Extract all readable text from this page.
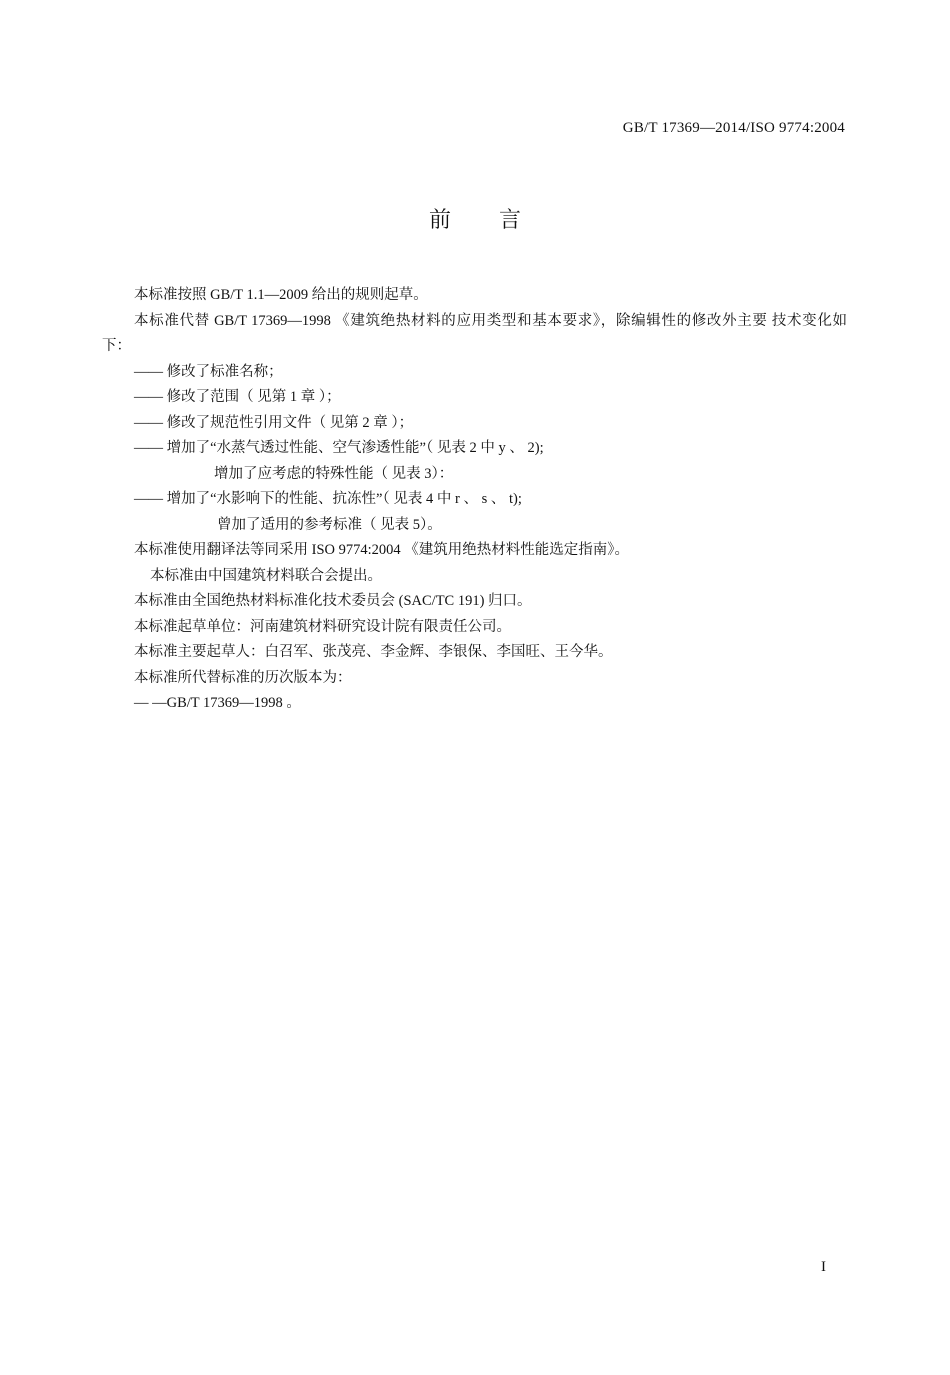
GB/T 17369—2014/ISO 9774:2004
前言
本标准按照 GB/T 1.1—2009 给出的规则起草。
本标准代替 GB/T 17369—1998 《建筑绝热材料的应用类型和基本要求》，除编辑性的修改外主要 技术变化如下：
—— 修改了标准名称；
—— 修改了范围（ 见第 1 章 ）；
—— 修改了规范性引用文件（ 见第 2 章 ）；
—— 增加了“水蒸气透过性能、空气渗透性能”（ 见表 2 中 y 、 2);
增加了应考虑的特殊性能（ 见表 3）：
—— 增加了“水影响下的性能、抗冻性”（ 见表 4 中 r 、 s 、 t);
曾加了适用的参考标准（ 见表 5）。
本标准使用翻译法等同采用 ISO 9774:2004 《建筑用绝热材料性能选定指南》。
本标准由中国建筑材料联合会提出。
本标准由全国绝热材料标准化技术委员会 (SAC/TC 191) 归口。
本标准起草单位：河南建筑材料研究设计院有限责任公司。
本标准主要起草人：白召军、张茂亮、李金辉、李银保、李国旺、王今华。
本标准所代替标准的历次版本为：
— —GB/T 17369—1998 。
I
